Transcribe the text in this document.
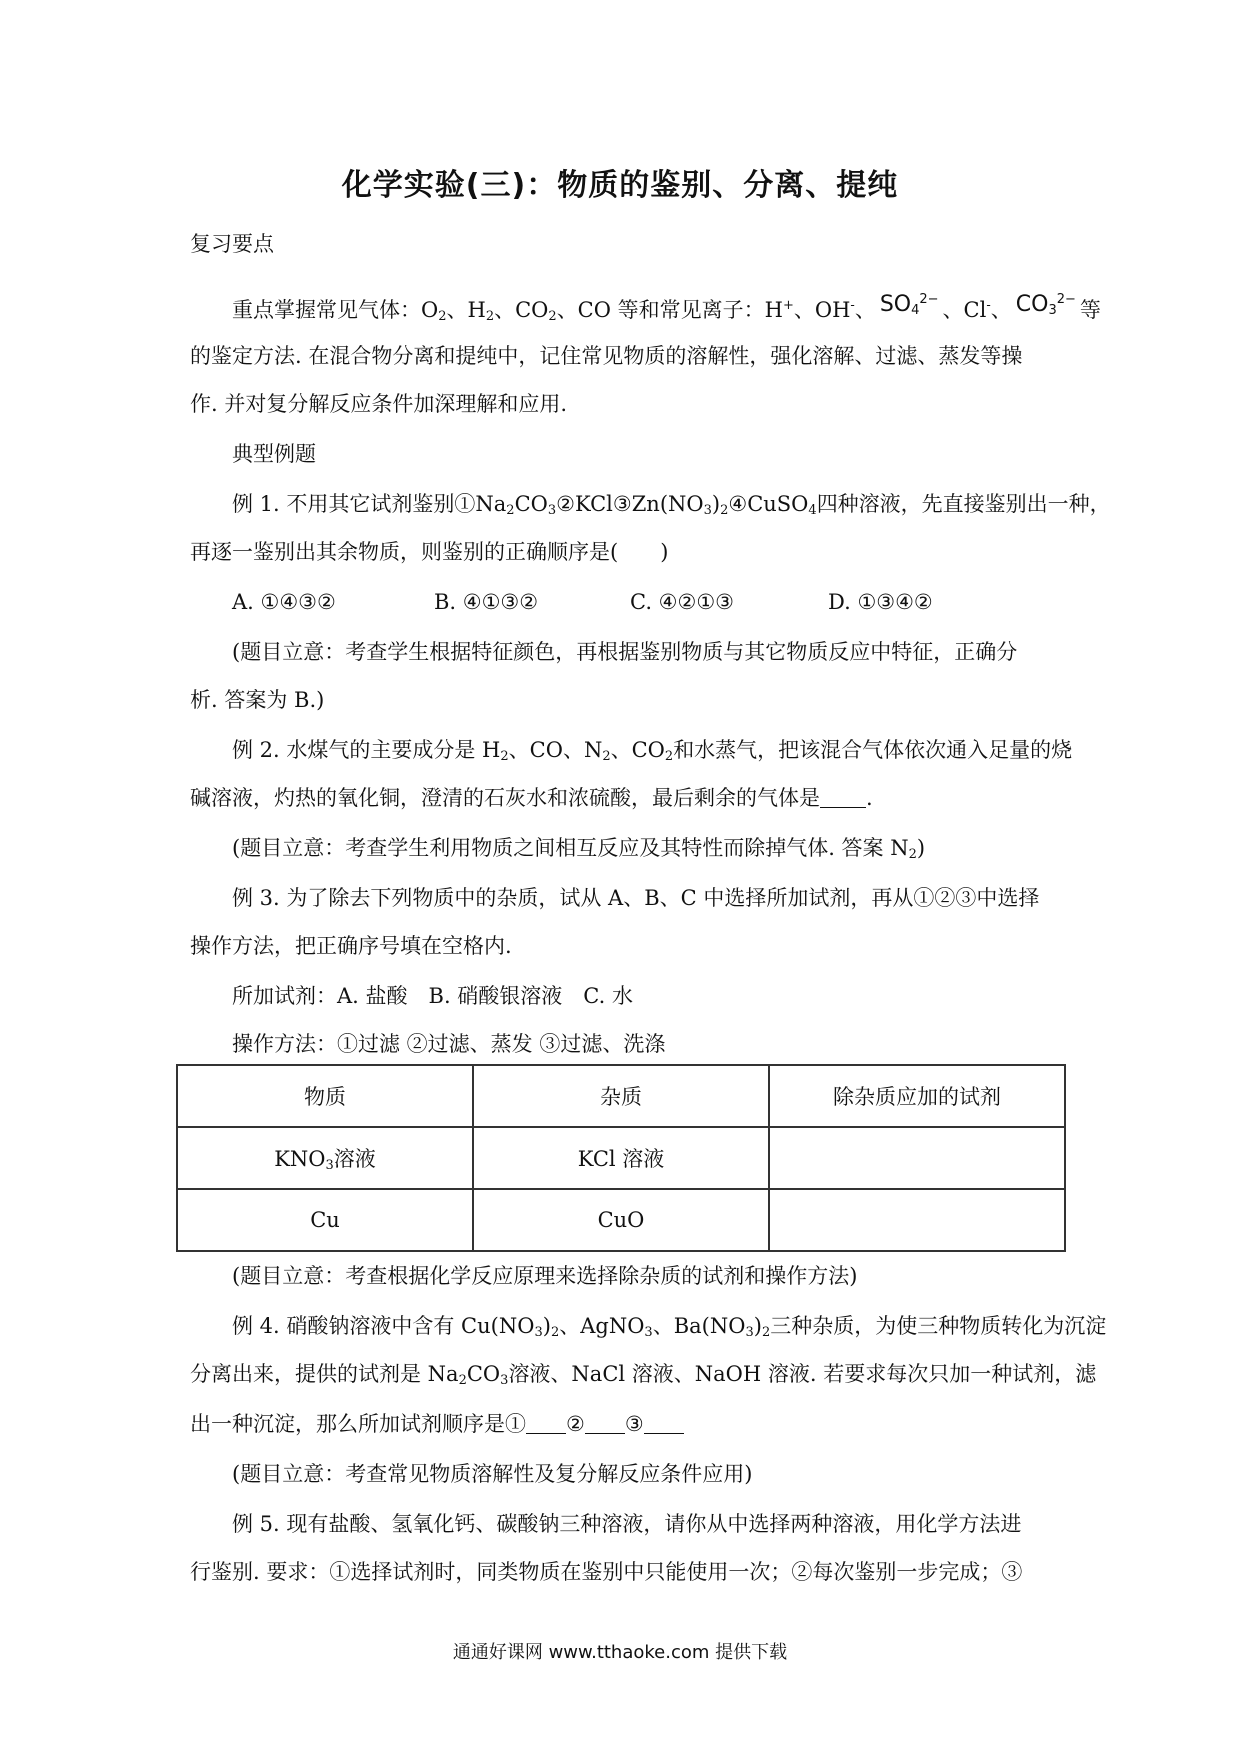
化学实验(三)：物质的鉴别、分离、提纯
复习要点
重点掌握常见气体：$O_2$、$H_2$、$CO_2$、CO 等和常见离子：H+、OH-、 $SO_4^{2-}$ 、Cl-、 $CO_3^{2-}$ 等
的鉴定方法. 在混合物分离和提纯中，记住常见物质的溶解性，强化溶解、过滤、蒸发等操
作. 并对复分解反应条件加深理解和应用.
典型例题
例 1. 不用其它试剂鉴别$①Na_2CO_3②KCl③Zn(NO_3)_2④CuSO_4$四种溶液，先直接鉴别出一种，
再逐一鉴别出其余物质，则鉴别的正确顺序是(　　)
A. ①④③②	B. ④①③②	C. ④②①③	D. ①③④②
(题目立意：考查学生根据特征颜色，再根据鉴别物质与其它物质反应中特征，正确分
析. 答案为 B.)
例 2. 水煤气的主要成分是 $H_2$、CO、$N_2$、$CO_2$和水蒸气，把该混合气体依次通入足量的烧
碱溶液，灼热的氧化铜，澄清的石灰水和浓硫酸，最后剩余的气体是 .
(题目立意：考查学生利用物质之间相互反应及其特性而除掉气体. 答案 $N_2$)
例 3. 为了除去下列物质中的杂质，试从 A、B、C 中选择所加试剂，再从①②③中选择
操作方法，把正确序号填在空格内.
所加试剂：A. 盐酸　B. 硝酸银溶液　C. 水
操作方法：①过滤 ②过滤、蒸发 ③过滤、洗涤
物质	杂质	除杂质应加的试剂
$KNO_3$溶液	KCl 溶液	
Cu	CuO	
(题目立意：考查根据化学反应原理来选择除杂质的试剂和操作方法)
例 4. 硝酸钠溶液中含有 $Cu(NO_3)_2$、AgNO$_3$、$Ba(NO_3)_2$三种杂质，为使三种物质转化为沉淀
分离出来，提供的试剂是 $Na_2CO_3$溶液、NaCl 溶液、NaOH 溶液. 若要求每次只加一种试剂，滤
出一种沉淀，那么所加试剂顺序是① ② ③
(题目立意：考查常见物质溶解性及复分解反应条件应用)
例 5. 现有盐酸、氢氧化钙、碳酸钠三种溶液，请你从中选择两种溶液，用化学方法进
行鉴别. 要求：①选择试剂时，同类物质在鉴别中只能使用一次；②每次鉴别一步完成；③
通通好课网 www.tthaoke.com 提供下载
